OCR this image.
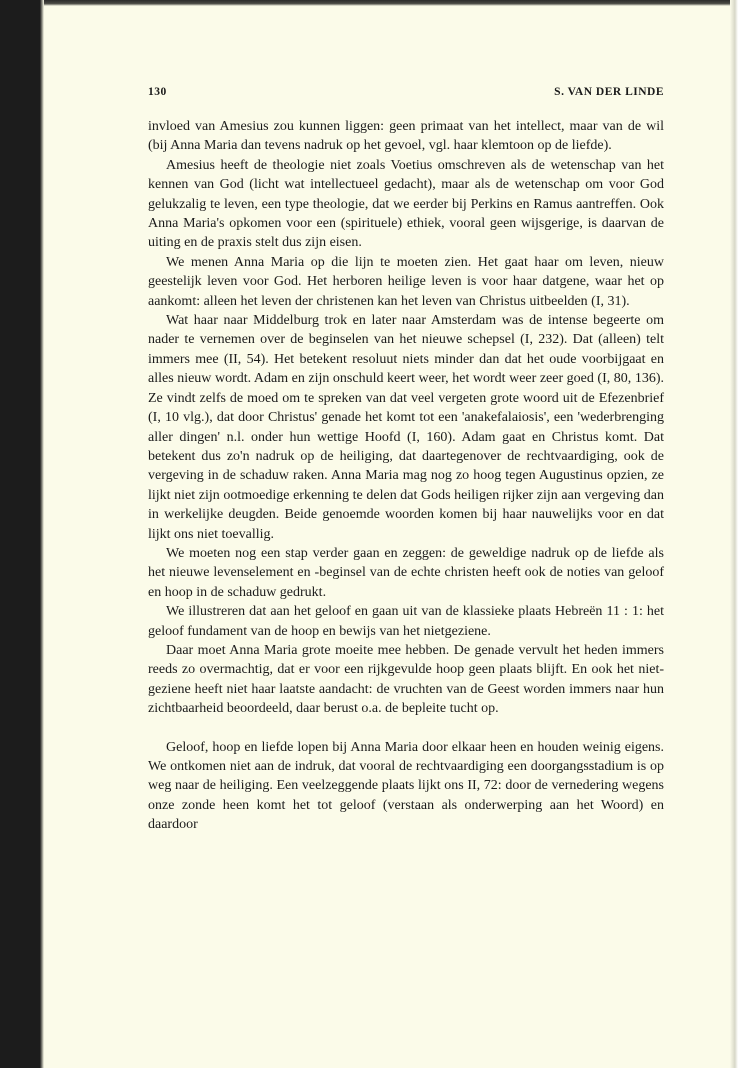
130	S. VAN DER LINDE

invloed van Amesius zou kunnen liggen: geen primaat van het intellect, maar van de wil (bij Anna Maria dan tevens nadruk op het gevoel, vgl. haar klemtoon op de liefde).

Amesius heeft de theologie niet zoals Voetius omschreven als de wetenschap van het kennen van God (licht wat intellectueel gedacht), maar als de wetenschap om voor God gelukzalig te leven, een type theologie, dat we eerder bij Perkins en Ramus aantreffen. Ook Anna Maria's opkomen voor een (spirituele) ethiek, vooral geen wijsgerige, is daarvan de uiting en de praxis stelt dus zijn eisen.

We menen Anna Maria op die lijn te moeten zien. Het gaat haar om leven, nieuw geestelijk leven voor God. Het herboren heilige leven is voor haar datgene, waar het op aankomt: alleen het leven der christenen kan het leven van Christus uitbeelden (I, 31).

Wat haar naar Middelburg trok en later naar Amsterdam was de intense begeerte om nader te vernemen over de beginselen van het nieuwe schepsel (I, 232). Dat (alleen) telt immers mee (II, 54). Het betekent resoluut niets minder dan dat het oude voorbijgaat en alles nieuw wordt. Adam en zijn onschuld keert weer, het wordt weer zeer goed (I, 80, 136). Ze vindt zelfs de moed om te spreken van dat veel vergeten grote woord uit de Efezenbrief (I, 10 vlg.), dat door Christus' genade het komt tot een 'anakefalaiosis', een 'wederbrenging aller dingen' n.l. onder hun wettige Hoofd (I, 160). Adam gaat en Christus komt. Dat betekent dus zo'n nadruk op de heiliging, dat daartegenover de rechtvaardiging, ook de vergeving in de schaduw raken. Anna Maria mag nog zo hoog tegen Augustinus opzien, ze lijkt niet zijn ootmoedige erkenning te delen dat Gods heiligen rijker zijn aan vergeving dan in werkelijke deugden. Beide genoemde woorden komen bij haar nauwelijks voor en dat lijkt ons niet toevallig.

We moeten nog een stap verder gaan en zeggen: de geweldige nadruk op de liefde als het nieuwe levenselement en -beginsel van de echte christen heeft ook de noties van geloof en hoop in de schaduw gedrukt.

We illustreren dat aan het geloof en gaan uit van de klassieke plaats Hebreën 11 : 1: het geloof fundament van de hoop en bewijs van het nietgeziene.

Daar moet Anna Maria grote moeite mee hebben. De genade vervult het heden immers reeds zo overmachtig, dat er voor een rijkgevulde hoop geen plaats blijft. En ook het niet-geziene heeft niet haar laatste aandacht: de vruchten van de Geest worden immers naar hun zichtbaarheid beoordeeld, daar berust o.a. de bepleite tucht op.

Geloof, hoop en liefde lopen bij Anna Maria door elkaar heen en houden weinig eigens. We ontkomen niet aan de indruk, dat vooral de rechtvaardiging een doorgangsstadium is op weg naar de heiliging. Een veelzeggende plaats lijkt ons II, 72: door de vernedering wegens onze zonde heen komt het tot geloof (verstaan als onderwerping aan het Woord) en daardoor
